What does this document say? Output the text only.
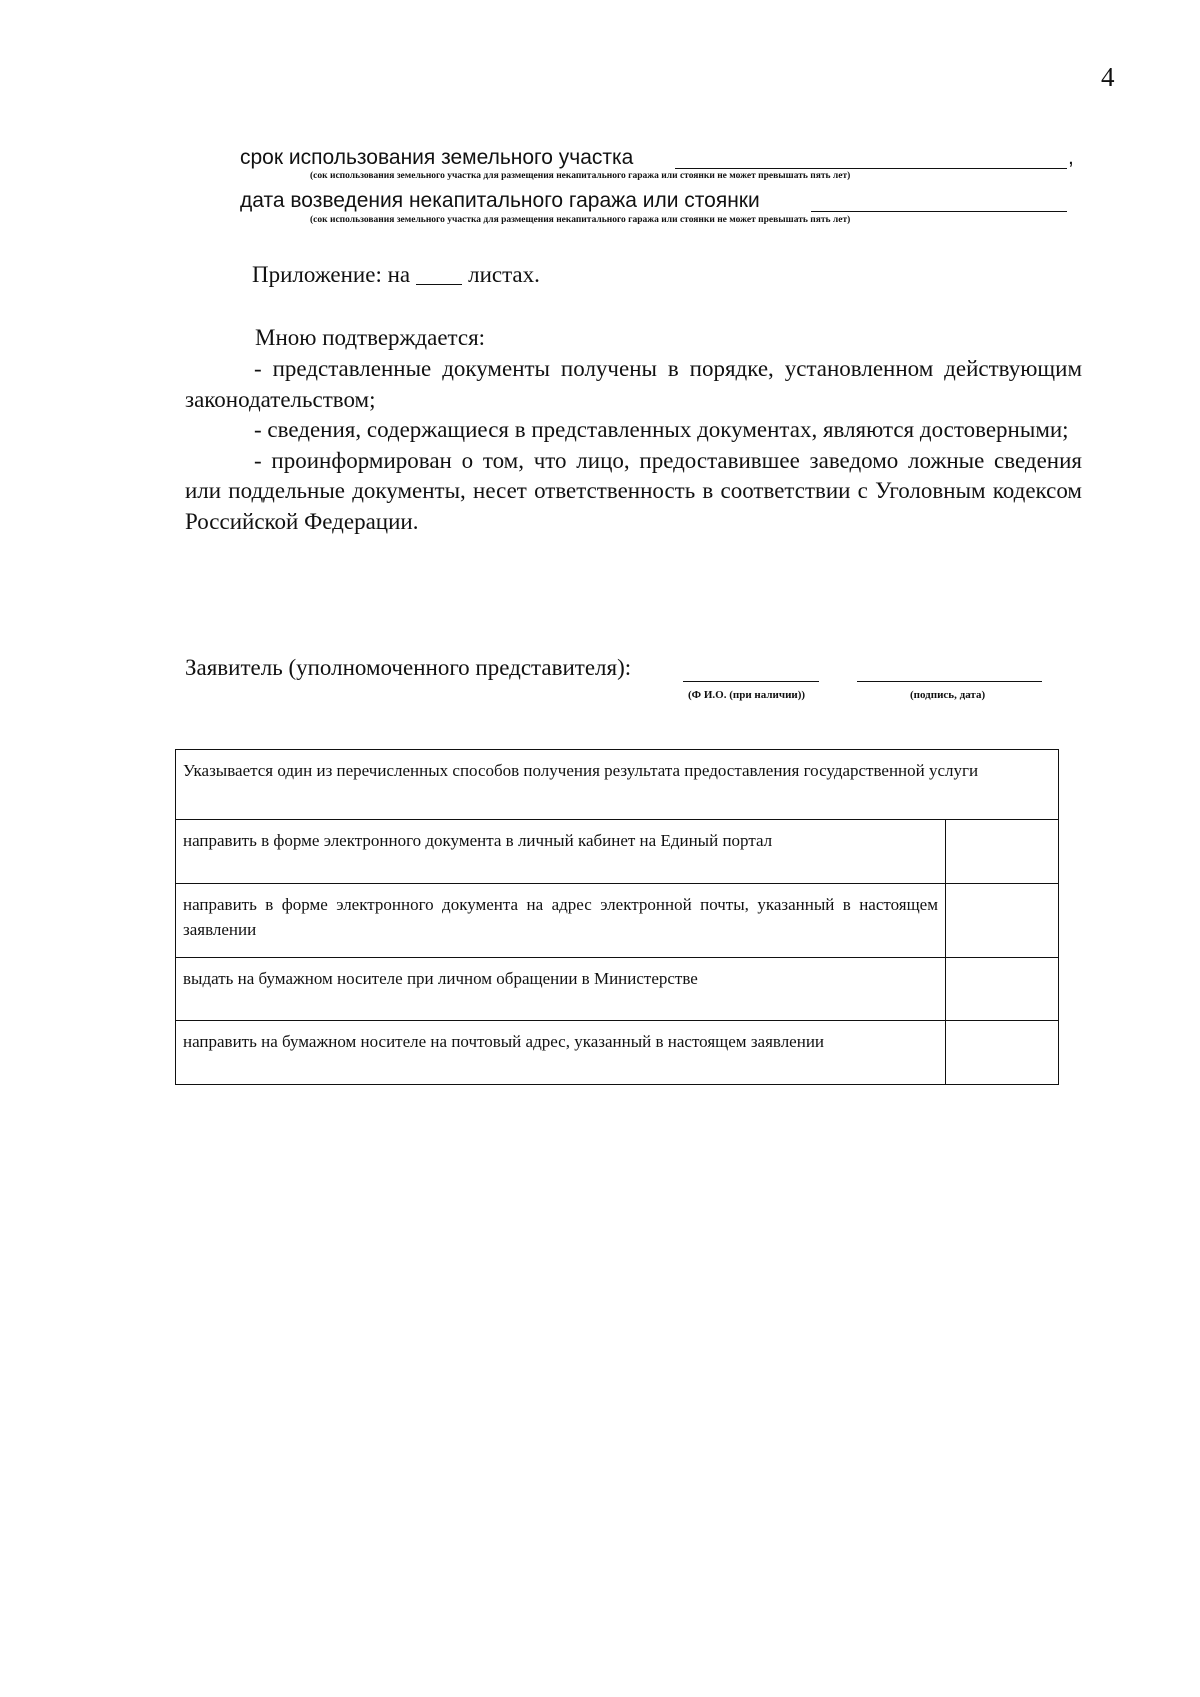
4
срок использования земельного участка	,
(сок использования земельного участка для размещения некапитального гаража или стоянки не может превышать пять лет)
дата возведения некапитального гаража или стоянки
(сок использования земельного участка для размещения некапитального гаража или стоянки не может превышать пять лет)
Приложение: на	листах.
Мною подтверждается:

- представленные документы получены в порядке, установленном действующим законодательством;

- сведения, содержащиеся в представленных документах, являются достоверными;

- проинформирован о том, что лицо, предоставившее заведомо ложные сведения или поддельные документы, несет ответственность в соответствии с Уголовным кодексом Российской Федерации.

Заявитель (уполномоченного представителя):
(Ф И.О. (при наличии))	(подпись, дата)
Указывается один из перечисленных способов получения результата предоставления государственной услуги	
направить в форме электронного документа в личный кабинет на Единый портал	
направить в форме электронного документа на адрес электронной почты, указанный в настоящем заявлении	
выдать на бумажном носителе при личном обращении в Министерстве	
направить на бумажном носителе на почтовый адрес, указанный в настоящем заявлении	
